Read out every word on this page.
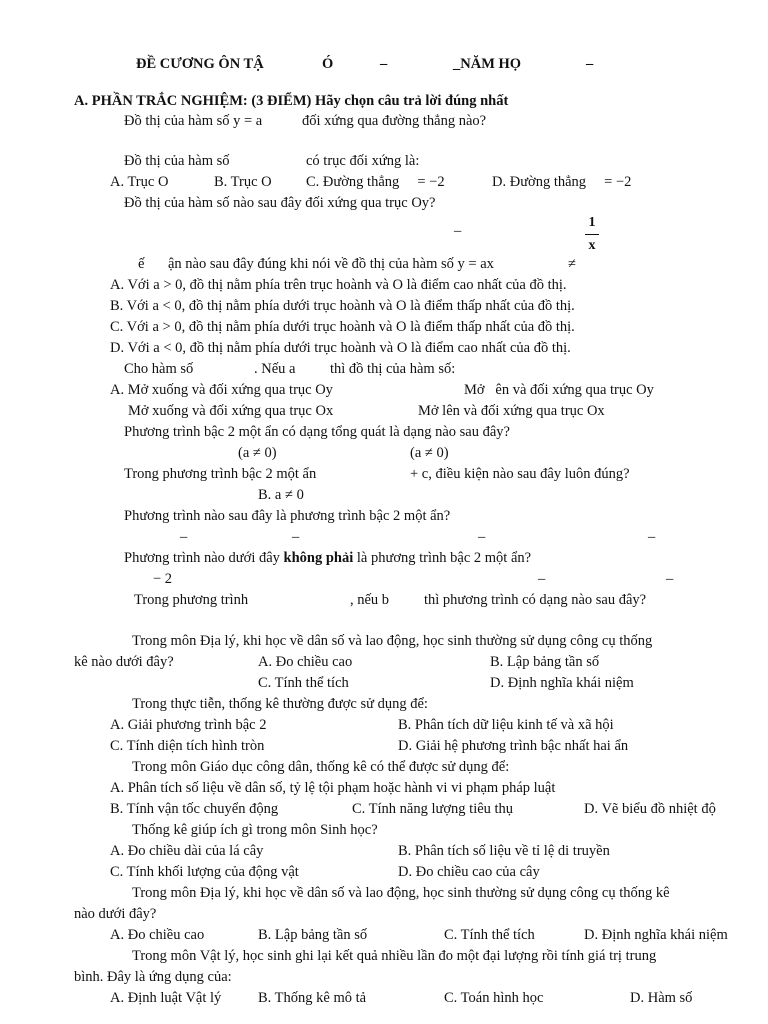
ĐỀ CƯƠNG ÔN TẬ	Ó	–	_NĂM HỌ	–
A. PHẦN TRẮC NGHIỆM: (3 ĐIỂM) Hãy chọn câu trả lời đúng nhất
Đồ thị của hàm số y = a	đối xứng qua đường thẳng nào?
Đồ thị của hàm số	có trục đối xứng là:
A. Trục O	B. Trục O C. Đường thẳng     = −2	D. Đường thẳng     = −2
Đồ thị của hàm số nào sau đây đối xứng qua trục Oy?
–
1
x
ế ận nào sau đây đúng khi nói về đồ thị của hàm số y = ax	≠
A. Với a > 0, đồ thị nằm phía trên trục hoành và O là điểm cao nhất của đồ thị.
B. Với a < 0, đồ thị nằm phía dưới trục hoành và O là điểm thấp nhất của đồ thị.
C. Với a > 0, đồ thị nằm phía dưới trục hoành và O là điểm thấp nhất của đồ thị.
D. Với a < 0, đồ thị nằm phía dưới trục hoành và O là điểm cao nhất của đồ thị.
Cho hàm số	. Nếu a thì đồ thị của hàm số:
A. Mở xuống và đối xứng qua trục Oy	Mở   ên và đối xứng qua trục Oy
Mở xuống và đối xứng qua trục Ox	Mở lên và đối xứng qua trục Ox
Phương trình bậc 2 một ẩn có dạng tổng quát là dạng nào sau đây?
(a ≠ 0)	(a ≠ 0)
Trong phương trình bậc 2 một ẩn	+ c, điều kiện nào sau đây luôn đúng?
B. a ≠ 0
Phương trình nào sau đây là phương trình bậc 2 một ẩn?
–	–	–	–
Phương trình nào dưới đây không phải là phương trình bậc 2 một ẩn?
− 2	–	–
Trong phương trình	, nếu b thì phương trình có dạng nào sau đây?
Trong môn Địa lý, khi học về dân số và lao động, học sinh thường sử dụng công cụ thống
kê nào dưới đây?	A. Đo chiều cao	B. Lập bảng tần số
C. Tính thể tích	D. Định nghĩa khái niệm
Trong thực tiễn, thống kê thường được sử dụng để:
A. Giải phương trình bậc 2	B. Phân tích dữ liệu kinh tế và xã hội
C. Tính diện tích hình tròn	D. Giải hệ phương trình bậc nhất hai ẩn
Trong môn Giáo dục công dân, thống kê có thể được sử dụng để:
A. Phân tích số liệu về dân số, tỷ lệ tội phạm hoặc hành vi vi phạm pháp luật
B. Tính vận tốc chuyển động	C. Tính năng lượng tiêu thụ	D. Vẽ biểu đồ nhiệt độ
Thống kê giúp ích gì trong môn Sinh học?
A. Đo chiều dài của lá cây	B. Phân tích số liệu về tỉ lệ di truyền
C. Tính khối lượng của động vật	D. Đo chiều cao của cây
Trong môn Địa lý, khi học về dân số và lao động, học sinh thường sử dụng công cụ thống kê
nào dưới đây?
A. Đo chiều cao	B. Lập bảng tần số	C. Tính thể tích	D. Định nghĩa khái niệm
Trong môn Vật lý, học sinh ghi lại kết quả nhiều lần đo một đại lượng rồi tính giá trị trung
bình. Đây là ứng dụng của:
A. Định luật Vật lý	B. Thống kê mô tả	C. Toán hình học	D. Hàm số
